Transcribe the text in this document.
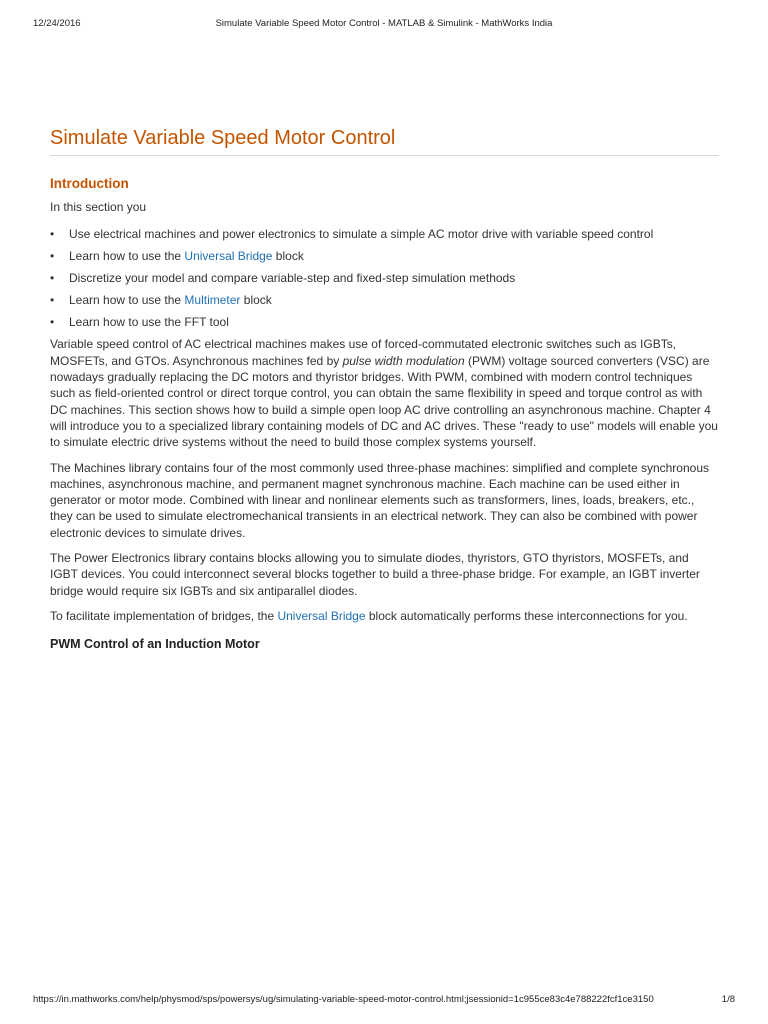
12/24/2016	Simulate Variable Speed Motor Control - MATLAB & Simulink - MathWorks India
Simulate Variable Speed Motor Control
Introduction

In this section you

• Use electrical machines and power electronics to simulate a simple AC motor drive with variable speed control
• Learn how to use the Universal Bridge block
• Discretize your model and compare variable-step and fixed-step simulation methods
• Learn how to use the Multimeter block
• Learn how to use the FFT tool

Variable speed control of AC electrical machines makes use of forced-commutated electronic switches such as IGBTs, MOSFETs, and GTOs. Asynchronous machines fed by pulse width modulation (PWM) voltage sourced converters (VSC) are nowadays gradually replacing the DC motors and thyristor bridges. With PWM, combined with modern control techniques such as field-oriented control or direct torque control, you can obtain the same flexibility in speed and torque control as with DC machines. This section shows how to build a simple open loop AC drive controlling an asynchronous machine. Chapter 4 will introduce you to a specialized library containing models of DC and AC drives. These "ready to use" models will enable you to simulate electric drive systems without the need to build those complex systems yourself.

The Machines library contains four of the most commonly used three-phase machines: simplified and complete synchronous machines, asynchronous machine, and permanent magnet synchronous machine. Each machine can be used either in generator or motor mode. Combined with linear and nonlinear elements such as transformers, lines, loads, breakers, etc., they can be used to simulate electromechanical transients in an electrical network. They can also be combined with power electronic devices to simulate drives.

The Power Electronics library contains blocks allowing you to simulate diodes, thyristors, GTO thyristors, MOSFETs, and IGBT devices. You could interconnect several blocks together to build a three-phase bridge. For example, an IGBT inverter bridge would require six IGBTs and six antiparallel diodes.

To facilitate implementation of bridges, the Universal Bridge block automatically performs these interconnections for you.

PWM Control of an Induction Motor
https://in.mathworks.com/help/physmod/sps/powersys/ug/simulating-variable-speed-motor-control.html;jsessionid=1c955ce83c4e788222fcf1ce3150	1/8
